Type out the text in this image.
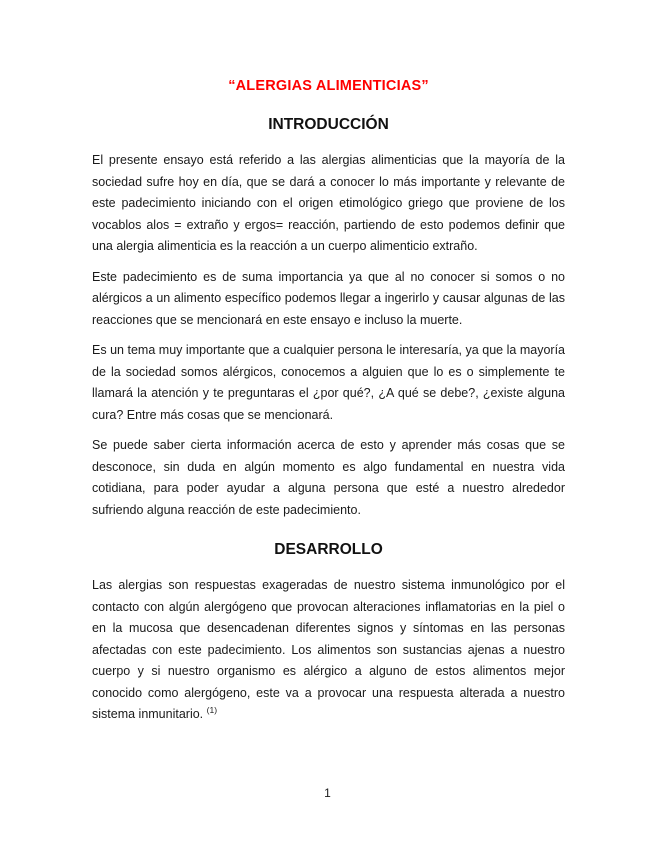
“ALERGIAS ALIMENTICIAS”
INTRODUCCIÓN

El presente ensayo está referido a las alergias alimenticias que la mayoría de la sociedad sufre hoy en día, que se dará a conocer lo más importante y relevante de este padecimiento iniciando con el origen etimológico griego que proviene de los vocablos alos = extraño y ergos= reacción, partiendo de esto podemos definir que una alergia alimenticia es la reacción a un cuerpo alimenticio extraño.

Este padecimiento es de suma importancia ya que al no conocer si somos o no alérgicos a un alimento específico podemos llegar a ingerirlo y causar algunas de las reacciones que se mencionará en este ensayo e incluso la muerte.

Es un tema muy importante que a cualquier persona le interesaría, ya que la mayoría de la sociedad somos alérgicos, conocemos a alguien que lo es o simplemente te llamará la atención y te preguntaras el ¿por qué?, ¿A qué se debe?, ¿existe alguna cura? Entre más cosas que se mencionará.

Se puede saber cierta información acerca de esto y aprender más cosas que se desconoce, sin duda en algún momento es algo fundamental en nuestra vida cotidiana, para poder ayudar a alguna persona que esté a nuestro alrededor sufriendo alguna reacción de este padecimiento.

DESARROLLO

Las alergias son respuestas exageradas de nuestro sistema inmunológico por el contacto con algún alergógeno que provocan alteraciones inflamatorias en la piel o en la mucosa que desencadenan diferentes signos y síntomas en las personas afectadas con este padecimiento. Los alimentos son sustancias ajenas a nuestro cuerpo y si nuestro organismo es alérgico a alguno de estos alimentos mejor conocido como alergógeno, este va a provocar una respuesta alterada a nuestro sistema inmunitario. $^{(1)}$

1
